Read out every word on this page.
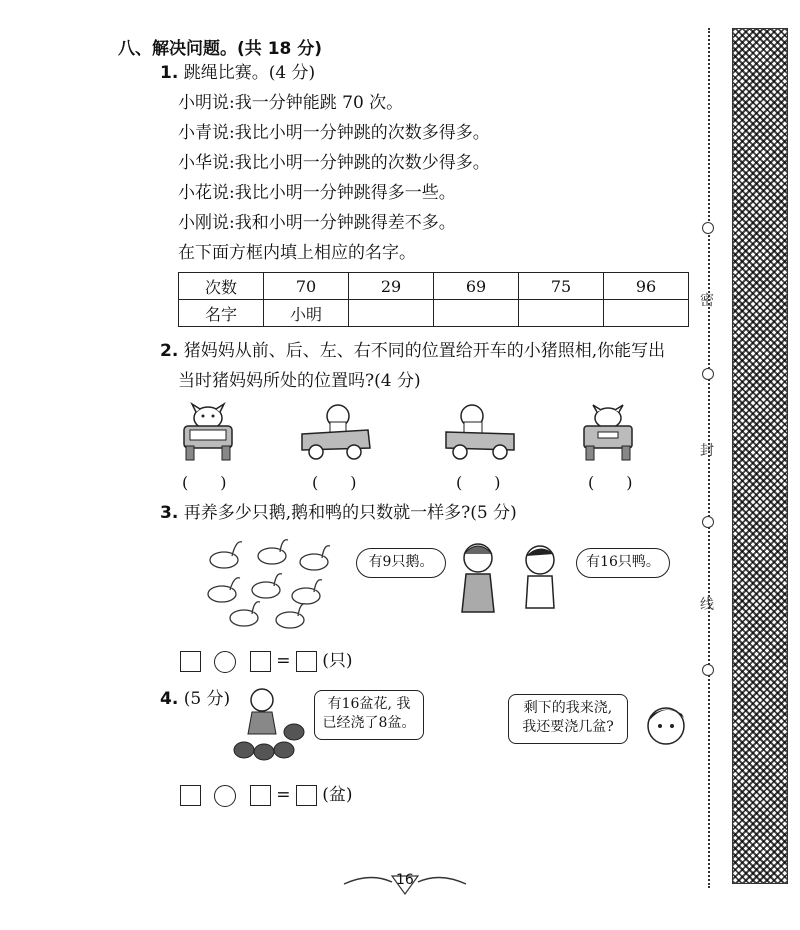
密
封
线
八、解决问题。(共 18 分)
1. 跳绳比赛。(4 分)
小明说:我一分钟能跳 70 次。
小青说:我比小明一分钟跳的次数多得多。
小华说:我比小明一分钟跳的次数少得多。
小花说:我比小明一分钟跳得多一些。
小刚说:我和小明一分钟跳得差不多。
在下面方框内填上相应的名字。
次数	70	29	69	75	96
名字	小明				
2. 猪妈妈从前、后、左、右不同的位置给开车的小猪照相,你能写出
当时猪妈妈所处的位置吗?(4 分)
(　　)	(　　)	(　　)	(　　)
3. 再养多少只鹅,鹅和鸭的只数就一样多?(5 分)
有9只鹅。	有16只鸭。
= (只)
4. (5 分)	有16盆花, 我
已经浇了8盆。
剩下的我来浇,
我还要浇几盆?
= (盆)
16
